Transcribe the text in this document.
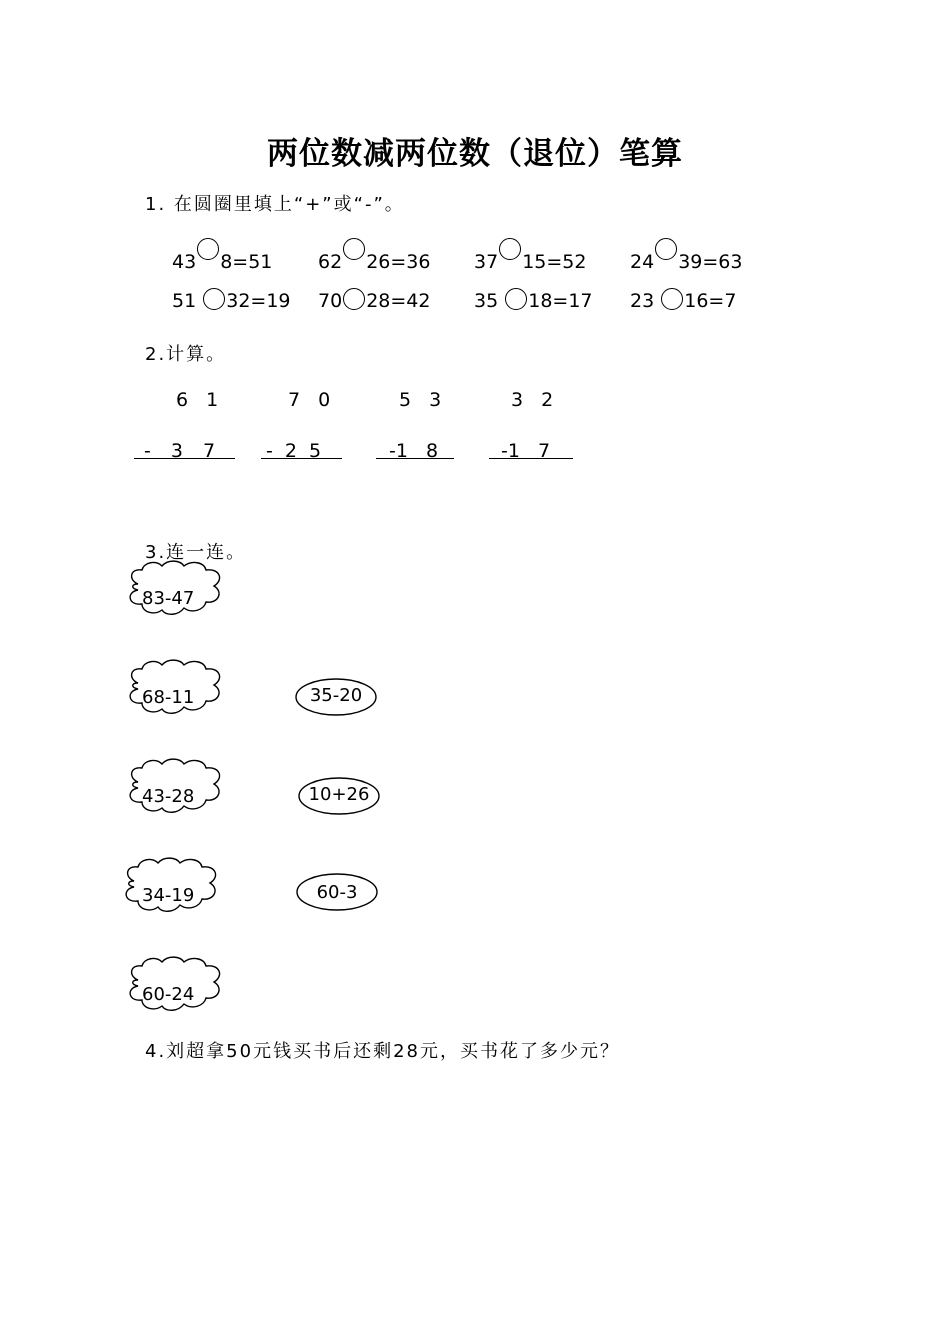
两位数减两位数（退位）笔算
1. 在圆圈里填上“+”或“-”。
43 8=51 62 26=36 37 15=52 24 39=63
51 32=19 70 28=42 35 18=17 23 16=7
2.计算。
6 1
- 3 7
7 0
- 2 5
5 3
-1 8
3 2
-1 7
3.连一连。
83-47
68-11
43-28
34-19
60-24
35-20
10+26
60-3
4.刘超拿50元钱买书后还剩28元，买书花了多少元？
